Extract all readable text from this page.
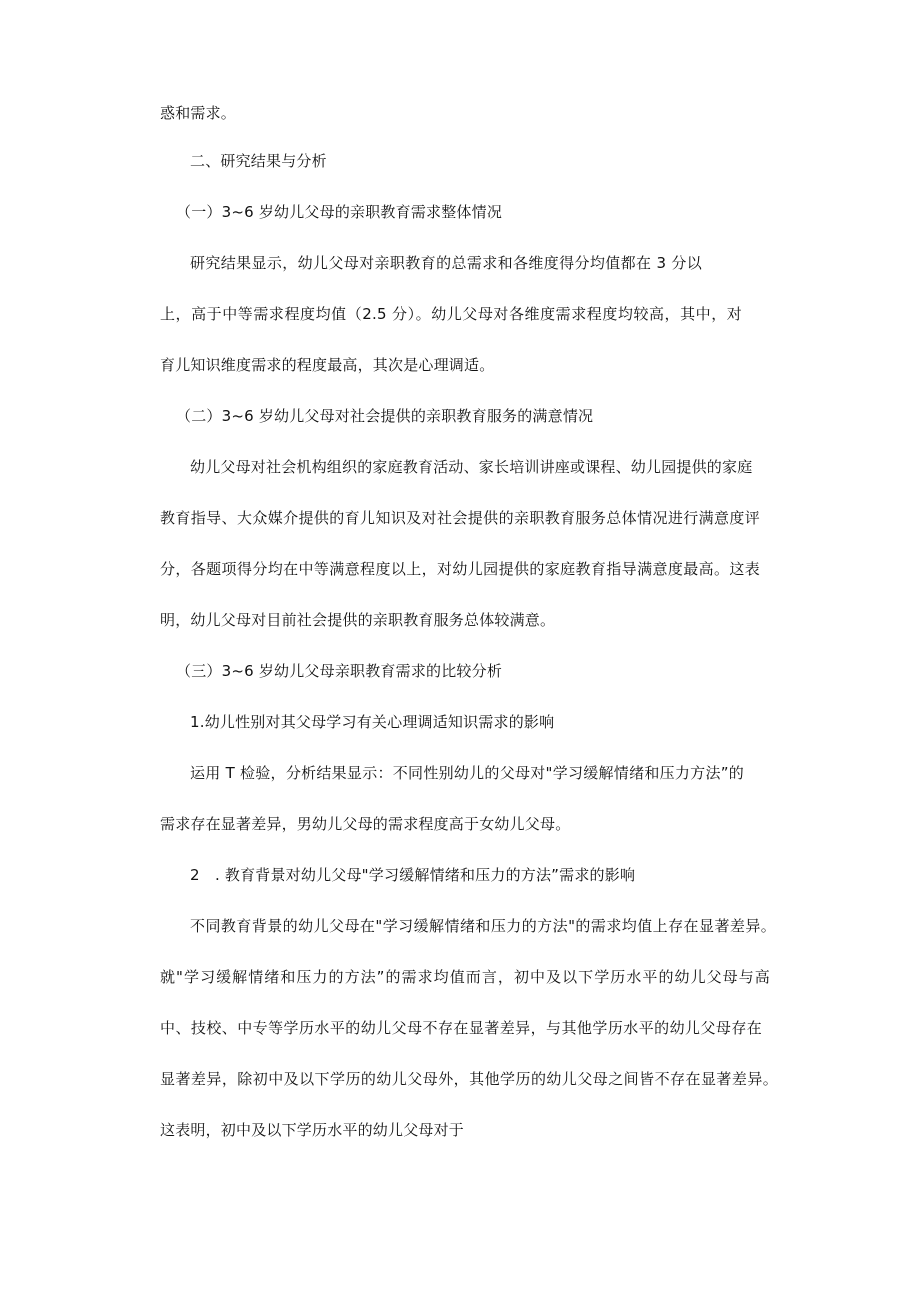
惑和需求。
二、研究结果与分析
（一）3~6 岁幼儿父母的亲职教育需求整体情况
研究结果显示，幼儿父母对亲职教育的总需求和各维度得分均值都在 3 分以
上，高于中等需求程度均值（2.5 分）。幼儿父母对各维度需求程度均较高，其中，对
育儿知识维度需求的程度最高，其次是心理调适。
（二）3~6 岁幼儿父母对社会提供的亲职教育服务的满意情况
幼儿父母对社会机构组织的家庭教育活动、家长培训讲座或课程、幼儿园提供的家庭
教育指导、大众媒介提供的育儿知识及对社会提供的亲职教育服务总体情况进行满意度评
分，各题项得分均在中等满意程度以上，对幼儿园提供的家庭教育指导满意度最高。这表
明，幼儿父母对目前社会提供的亲职教育服务总体较满意。
（三）3~6 岁幼儿父母亲职教育需求的比较分析
1.幼儿性别对其父母学习有关心理调适知识需求的影响
运用 T 检验，分析结果显示：不同性别幼儿的父母对"学习缓解情绪和压力方法”的
需求存在显著差异，男幼儿父母的需求程度高于女幼儿父母。
2　. 教育背景对幼儿父母"学习缓解情绪和压力的方法”需求的影响
不同教育背景的幼儿父母在"学习缓解情绪和压力的方法"的需求均值上存在显著差异。
就"学习缓解情绪和压力的方法”的需求均值而言，初中及以下学历水平的幼儿父母与高
中、技校、中专等学历水平的幼儿父母不存在显著差异，与其他学历水平的幼儿父母存在
显著差异，除初中及以下学历的幼儿父母外，其他学历的幼儿父母之间皆不存在显著差异。
这表明，初中及以下学历水平的幼儿父母对于
